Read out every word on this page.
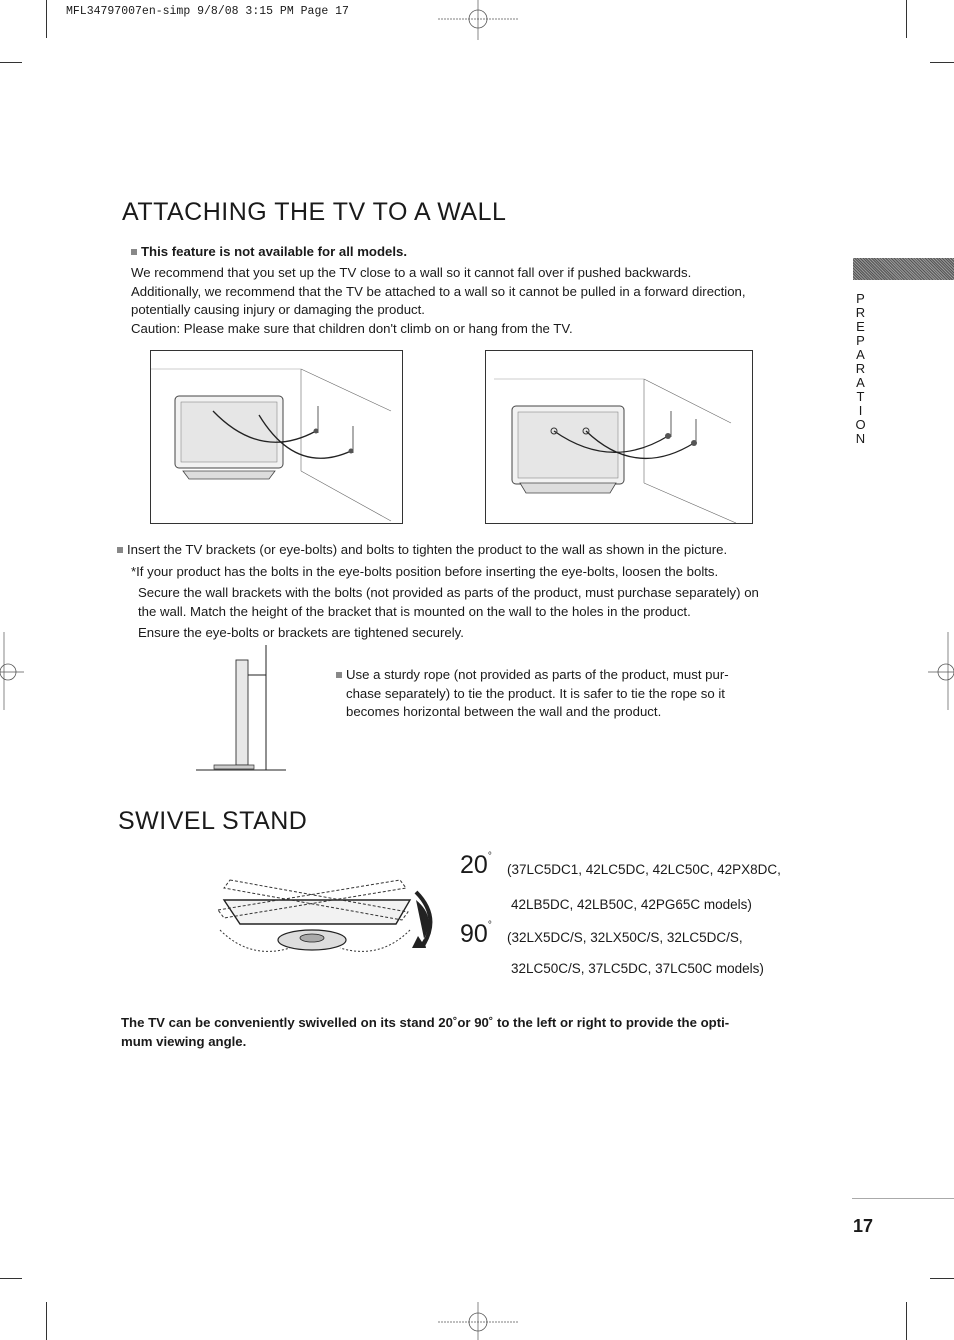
MFL34797007en-simp 9/8/08 3:15 PM Page 17
P
R
E
P
A
R
A
T
I
O
N
ATTACHING THE TV TO A WALL
This feature is not available for all models.
We recommend that you set up the TV close to a wall so it cannot fall over if pushed backwards.
Additionally, we recommend that the TV be attached to a wall so it cannot be pulled in a forward direction,
potentially causing injury or damaging the product.
Caution: Please make sure that children don't climb on or hang from the TV.
Insert the TV brackets (or eye-bolts) and bolts to tighten the product to the wall as shown in the picture.
*If your product has the bolts in the eye-bolts position before inserting the eye-bolts, loosen the bolts.
Secure the wall brackets with the bolts (not provided as parts of the product, must purchase separately) on
the wall. Match the height of the bracket that is mounted on the wall to the holes in the product.
Ensure the eye-bolts or brackets are tightened securely.
Use a sturdy rope (not provided as parts of the product, must pur-
chase separately) to tie the product. It is safer to tie the rope so it
becomes horizontal between the wall and the product.
SWIVEL STAND
20°
(37LC5DC1, 42LC5DC, 42LC50C, 42PX8DC,
42LB5DC, 42LB50C, 42PG65C models)
90°
(32LX5DC/S, 32LX50C/S, 32LC5DC/S,
32LC50C/S, 37LC5DC, 37LC50C models)
The TV can be conveniently swivelled on its stand 20˚or 90˚ to the left or right to provide the opti-
mum viewing angle.
17
